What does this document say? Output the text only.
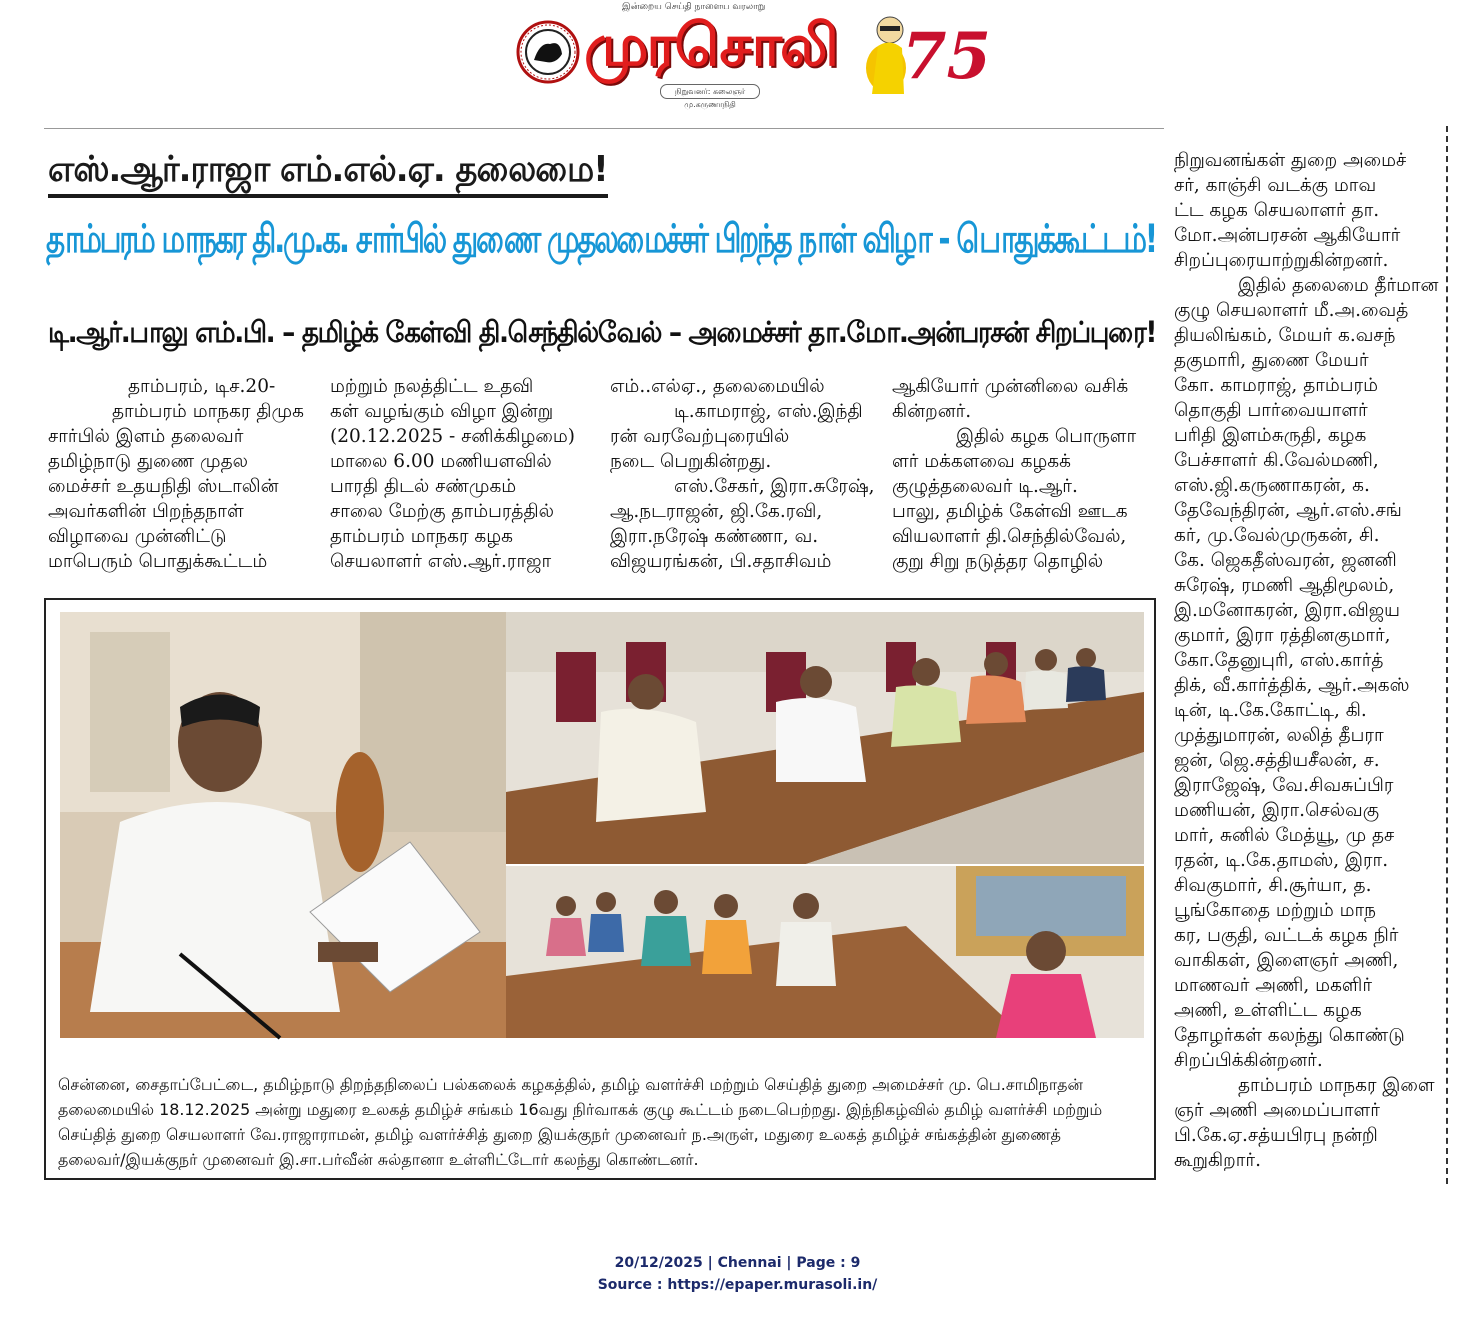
இன்றைய செய்தி நாளைய வரலாறு
முரசொலி
நிறுவனர்: கலைஞர் மு.கருணாநிதி
75
எஸ்.ஆர்.ராஜா எம்.எல்.ஏ. தலைமை!
தாம்பரம் மாநகர தி.மு.க. சார்பில் துணை முதலமைச்சர் பிறந்த நாள் விழா - பொதுக்கூட்டம்!
டி.ஆர்.பாலு எம்.பி. – தமிழ்க் கேள்வி தி.செந்தில்வேல் – அமைச்சர் தா.மோ.அன்பரசன் சிறப்புரை!
தாம்பரம், டிச.20-
தாம்பரம் மாநகர திமுக
சார்பில் இளம் தலைவர்
தமிழ்நாடு துணை முதல
மைச்சர் உதயநிதி ஸ்டாலின்
அவர்களின் பிறந்தநாள்
விழாவை முன்னிட்டு
மாபெரும் பொதுக்கூட்டம்
மற்றும் நலத்திட்ட உதவி
கள் வழங்கும் விழா இன்று
(20.12.2025 - சனிக்கிழமை)
மாலை 6.00 மணியளவில்
பாரதி திடல் சண்முகம்
சாலை மேற்கு தாம்பரத்தில்
தாம்பரம் மாநகர கழக
செயலாளர் எஸ்.ஆர்.ராஜா
எம்..எல்ஏ., தலைமையில்
டி.காமராஜ், எஸ்.இந்தி
ரன் வரவேற்புரையில்
நடை பெறுகின்றது.
எஸ்.சேகர், இரா.சுரேஷ்,
ஆ.நடராஜன், ஜி.கே.ரவி,
இரா.நரேஷ் கண்ணா, வ.
விஜயரங்கன், பி.சதாசிவம்
ஆகியோர் முன்னிலை வசிக்
கின்றனர்.
இதில் கழக பொருளா
ளர் மக்களவை கழகக்
குழுத்தலைவர் டி.ஆர்.
பாலு, தமிழ்க் கேள்வி ஊடக
வியலாளர் தி.செந்தில்வேல்,
குறு சிறு நடுத்தர தொழில்
நிறுவனங்கள் துறை அமைச்
சர், காஞ்சி வடக்கு மாவ
ட்ட கழக செயலாளர் தா.
மோ.அன்பரசன் ஆகியோர்
சிறப்புரையாற்றுகின்றனர்.
இதில் தலைமை தீர்மான
குழு செயலாளர் மீ.அ.வைத்
தியலிங்கம், மேயர் க.வசந்
தகுமாரி, துணை மேயர்
கோ. காமராஜ், தாம்பரம்
தொகுதி பார்வையாளர்
பரிதி இளம்சுருதி, கழக
பேச்சாளர் கி.வேல்மணி,
எஸ்.ஜி.கருணாகரன், க.
தேவேந்திரன், ஆர்.எஸ்.சங்
கர், மு.வேல்முருகன், சி.
கே. ஜெகதீஸ்வரன், ஜனனி
சுரேஷ், ரமணி ஆதிமூலம்,
இ.மனோகரன், இரா.விஜய
குமார், இரா ரத்தினகுமார்,
கோ.தேனுபுரி, எஸ்.கார்த்
திக், வீ.கார்த்திக், ஆர்.அகஸ்
டின், டி.கே.கோட்டி, கி.
முத்துமாரன், லலித் தீபரா
ஜன், ஜெ.சத்தியசீலன், ச.
இராஜேஷ், வே.சிவசுப்பிர
மணியன், இரா.செல்வகு
மார், சுனில் மேத்யூ, மு தச
ரதன், டி.கே.தாமஸ், இரா.
சிவகுமார், சி.சூர்யா, த.
பூங்கோதை மற்றும் மாந
கர, பகுதி, வட்டக் கழக நிர்
வாகிகள், இளைஞர் அணி,
மாணவர் அணி, மகளிர்
அணி, உள்ளிட்ட கழக
தோழர்கள் கலந்து கொண்டு
சிறப்பிக்கின்றனர்.
தாம்பரம் மாநகர இளை
ஞர் அணி அமைப்பாளர்
பி.கே.ஏ.சத்யபிரபு நன்றி
கூறுகிறார்.
சென்னை, சைதாப்பேட்டை, தமிழ்நாடு திறந்தநிலைப் பல்கலைக் கழகத்தில், தமிழ் வளர்ச்சி மற்றும் செய்தித் துறை அமைச்சர் மு. பெ.சாமிநாதன்
தலைமையில் 18.12.2025 அன்று மதுரை உலகத் தமிழ்ச் சங்கம் 16வது நிர்வாகக் குழு கூட்டம் நடைபெற்றது. இந்நிகழ்வில் தமிழ் வளர்ச்சி மற்றும்
செய்தித் துறை செயலாளர் வே.ராஜாராமன், தமிழ் வளர்ச்சித் துறை இயக்குநர் முனைவர் ந.அருள், மதுரை உலகத் தமிழ்ச் சங்கத்தின் துணைத்
தலைவர்/இயக்குநர் முனைவர் இ.சா.பர்வீன் சுல்தானா உள்ளிட்டோர் கலந்து கொண்டனர்.
20/12/2025 | Chennai | Page : 9
Source : https://epaper.murasoli.in/
